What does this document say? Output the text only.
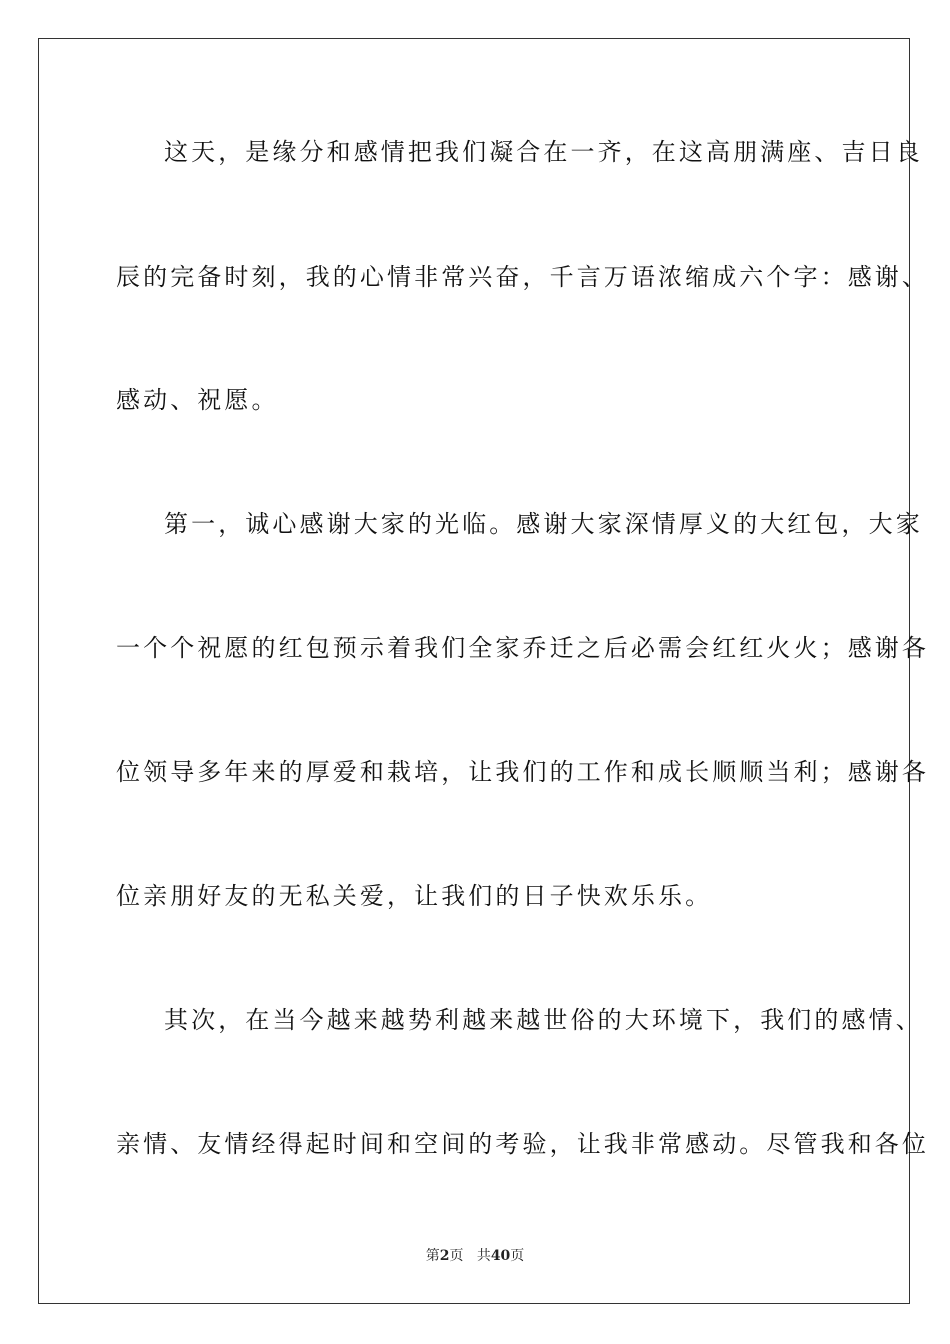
这天，是缘分和感情把我们凝合在一齐，在这高朋满座、吉日良
辰的完备时刻，我的心情非常兴奋，千言万语浓缩成六个字：感谢、
感动、祝愿。
第一，诚心感谢大家的光临。感谢大家深情厚义的大红包，大家
一个个祝愿的红包预示着我们全家乔迁之后必需会红红火火；感谢各
位领导多年来的厚爱和栽培，让我们的工作和成长顺顺当利；感谢各
位亲朋好友的无私关爱，让我们的日子快欢乐乐。
其次，在当今越来越势利越来越世俗的大环境下，我们的感情、
亲情、友情经得起时间和空间的考验，让我非常感动。尽管我和各位
第2页 共40页
